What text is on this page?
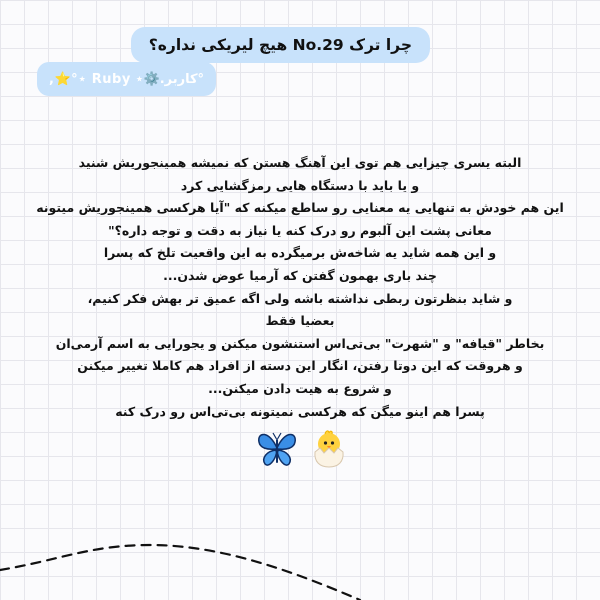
چرا ترک No.29 هیچ لیریکی نداره؟
°کاربر.⚙️⋆ Ruby ⋆°⭐,
البته یسری چیزایی هم توی این آهنگ هستن که نمیشه همینجوریش شنید
و یا باید با دستگاه هایی رمزگشایی کرد
این هم خودش به تنهایی یه معنایی رو ساطع میکنه که "آیا هرکسی همینجوریش میتونه
معانی پشت این آلبوم رو درک کنه یا نیاز به دقت و توجه داره؟"
و این همه شاید یه شاخه‌ش برمیگرده به این واقعیت تلخ که پسرا
چند باری بهمون گفتن که آرمیا عوض شدن...
و شاید بنظرتون ربطی نداشته باشه ولی اگه عمیق تر بهش فکر کنیم،
بعضیا فقط
بخاطر "قیافه" و "شهرت" بی‌تی‌اس استنشون میکنن و یجورایی به اسم آرمی‌ان
و هروقت که این دوتا رفتن، انگار این دسته از افراد هم کاملا تغییر میکنن
و شروع به هیت دادن میکنن...
پسرا هم اینو میگن که هرکسی نمیتونه بی‌تی‌اس رو درک کنه
